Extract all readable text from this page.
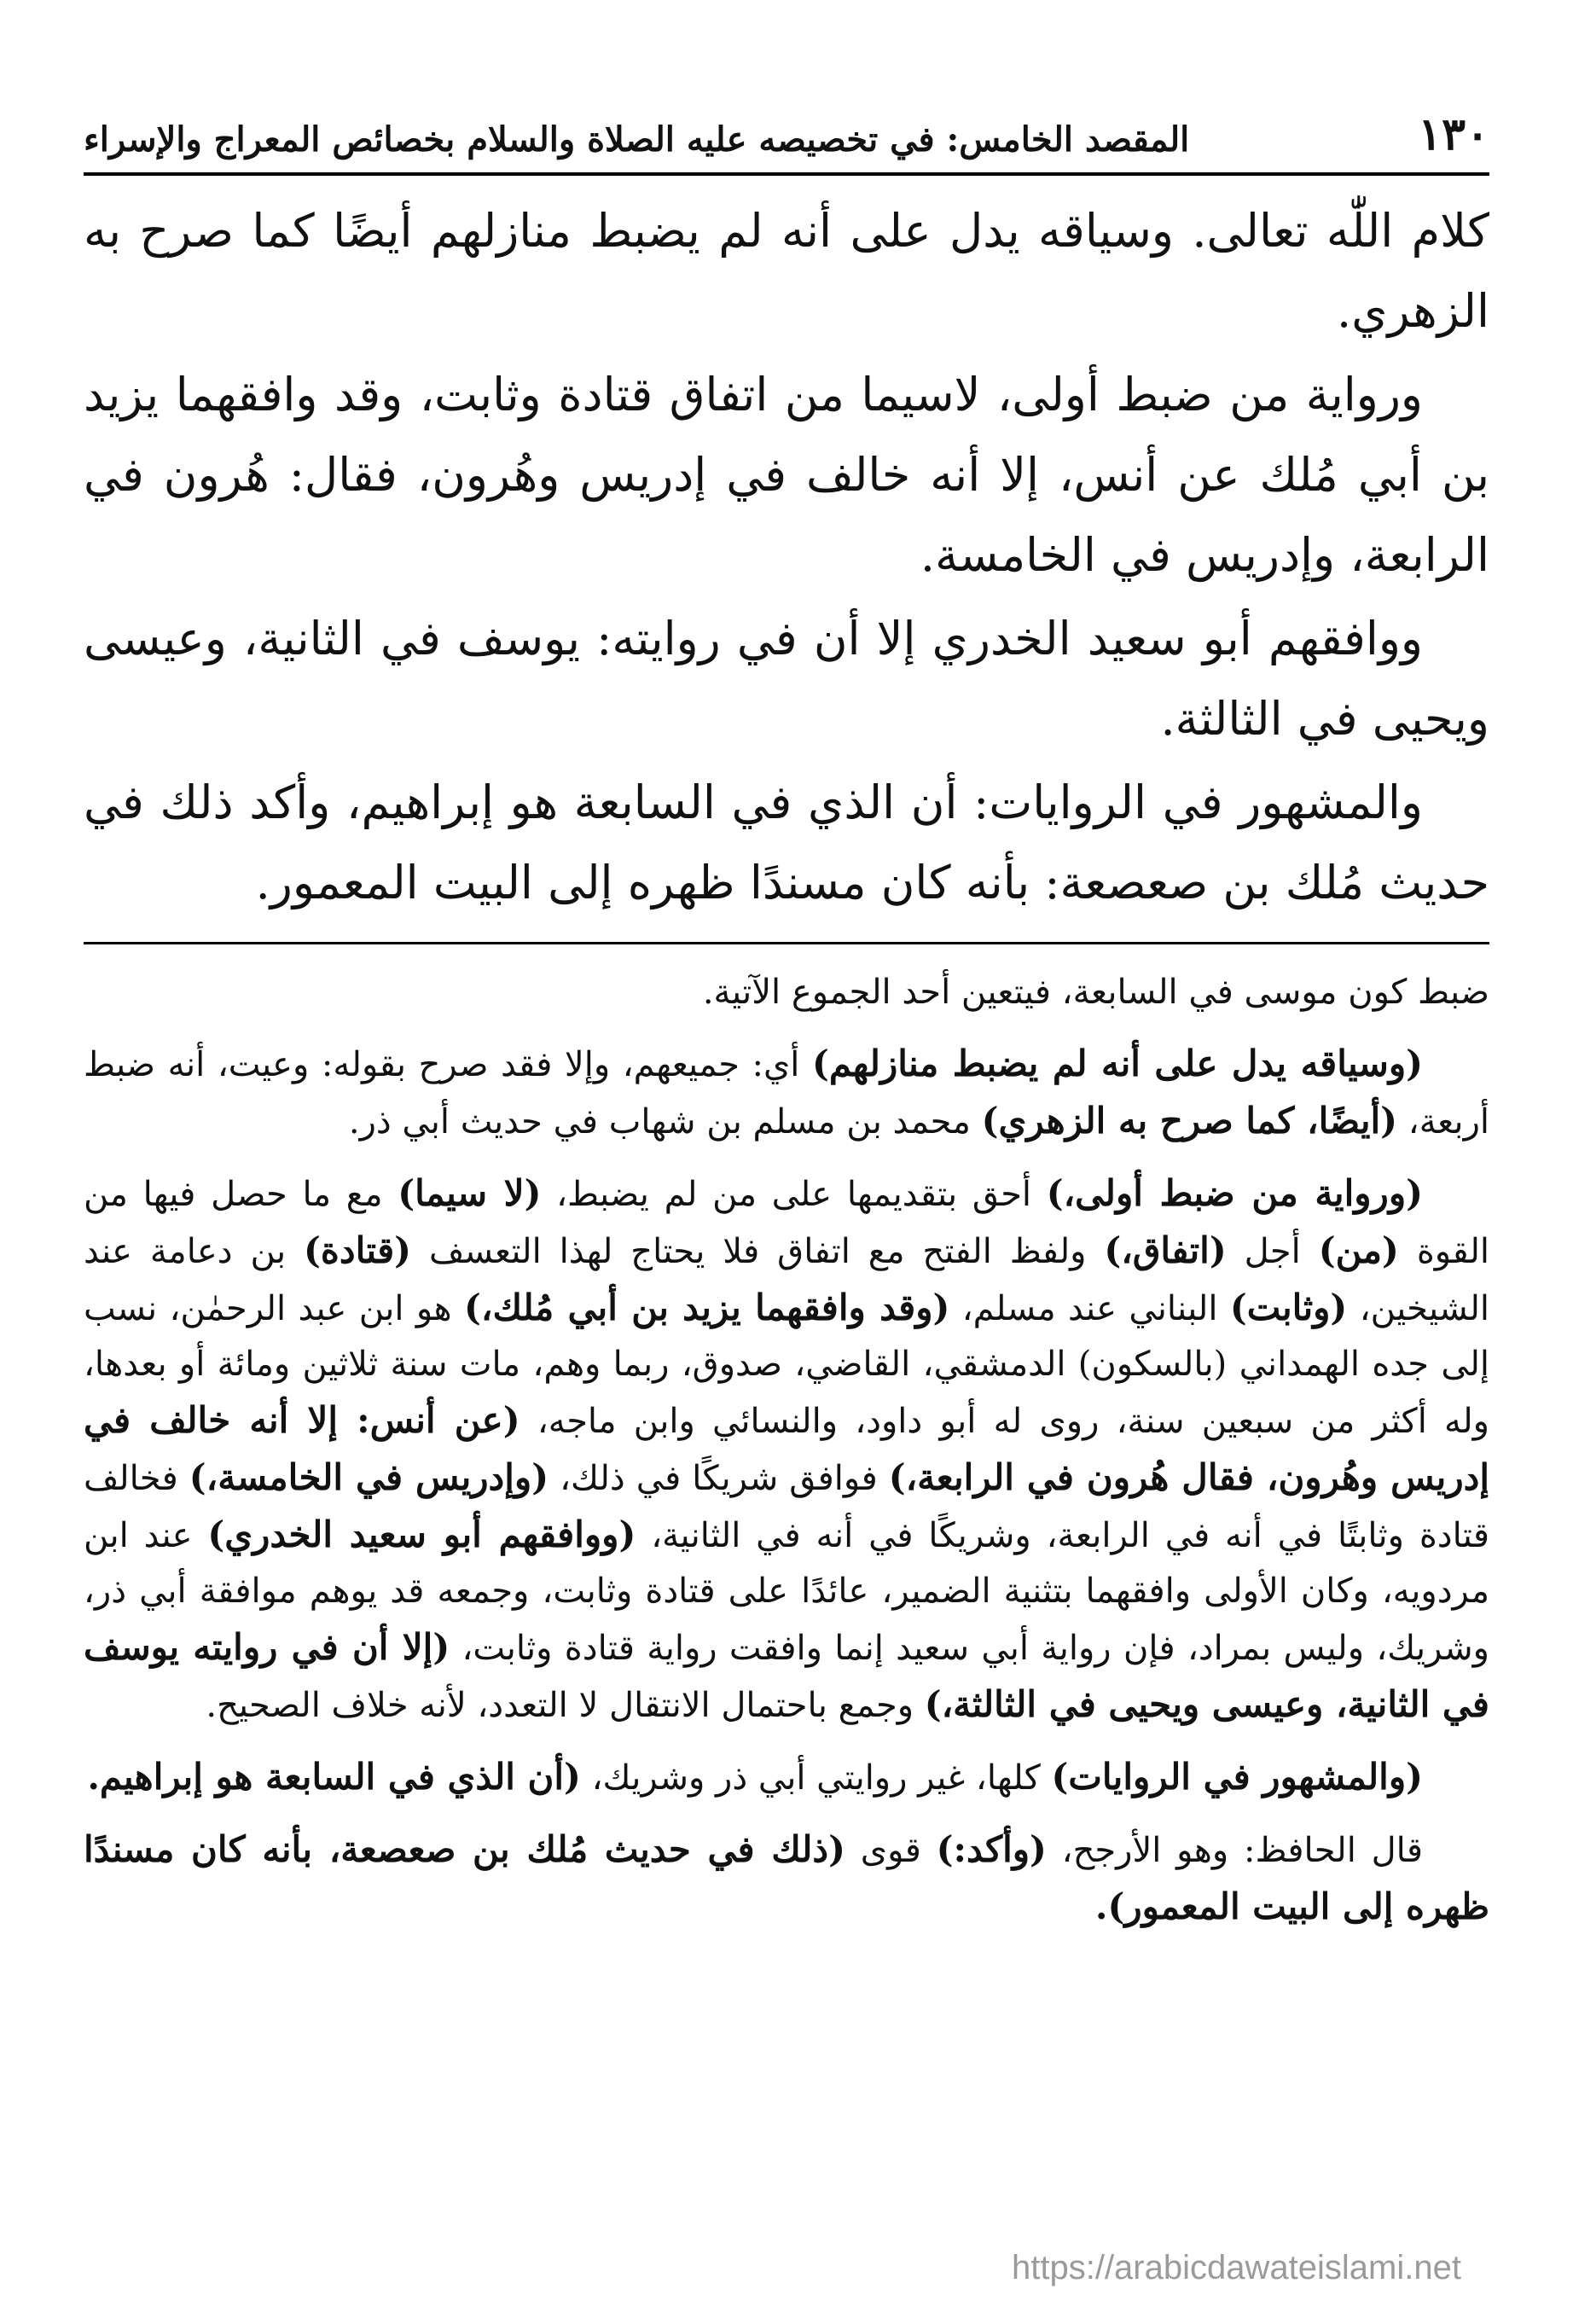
١٣٠
المقصد الخامس: في تخصيصه عليه الصلاة والسلام بخصائص المعراج والإسراء

كلام اللّٰه تعالى. وسياقه يدل على أنه لم يضبط منازلهم أيضًا كما صرح به الزهري.

ورواية من ضبط أولى، لاسيما من اتفاق قتادة وثابت، وقد وافقهما يزيد بن أبي مُلك عن أنس، إلا أنه خالف في إدريس وهُرون، فقال: هُرون في الرابعة، وإدريس في الخامسة.

ووافقهم أبو سعيد الخدري إلا أن في روايته: يوسف في الثانية، وعيسى ويحيى في الثالثة.

والمشهور في الروايات: أن الذي في السابعة هو إبراهيم، وأكد ذلك في حديث مُلك بن صعصعة: بأنه كان مسندًا ظهره إلى البيت المعمور.

ضبط كون موسى في السابعة، فيتعين أحد الجموع الآتية.

(وسياقه يدل على أنه لم يضبط منازلهم) أي: جميعهم، وإلا فقد صرح بقوله: وعيت، أنه ضبط أربعة، (أيضًا، كما صرح به الزهري) محمد بن مسلم بن شهاب في حديث أبي ذر.

(ورواية من ضبط أولى،) أحق بتقديمها على من لم يضبط، (لا سيما) مع ما حصل فيها من القوة (من) أجل (اتفاق،) ولفظ الفتح مع اتفاق فلا يحتاج لهذا التعسف (قتادة) بن دعامة عند الشيخين، (وثابت) البناني عند مسلم، (وقد وافقهما يزيد بن أبي مُلك،) هو ابن عبد الرحمٰن، نسب إلى جده الهمداني (بالسكون) الدمشقي، القاضي، صدوق، ربما وهم، مات سنة ثلاثين ومائة أو بعدها، وله أكثر من سبعين سنة، روى له أبو داود، والنسائي وابن ماجه، (عن أنس: إلا أنه خالف في إدريس وهُرون، فقال هُرون في الرابعة،) فوافق شريكًا في ذلك، (وإدريس في الخامسة،) فخالف قتادة وثابتًا في أنه في الرابعة، وشريكًا في أنه في الثانية، (ووافقهم أبو سعيد الخدري) عند ابن مردويه، وكان الأولى وافقهما بتثنية الضمير، عائدًا على قتادة وثابت، وجمعه قد يوهم موافقة أبي ذر، وشريك، وليس بمراد، فإن رواية أبي سعيد إنما وافقت رواية قتادة وثابت، (إلا أن في روايته يوسف في الثانية، وعيسى ويحيى في الثالثة،) وجمع باحتمال الانتقال لا التعدد، لأنه خلاف الصحيح.

(والمشهور في الروايات) كلها، غير روايتي أبي ذر وشريك، (أن الذي في السابعة هو إبراهيم.

قال الحافظ: وهو الأرجح، (وأكد:) قوى (ذلك في حديث مُلك بن صعصعة، بأنه كان مسندًا ظهره إلى البيت المعمور).

https://arabicdawateislami.net
